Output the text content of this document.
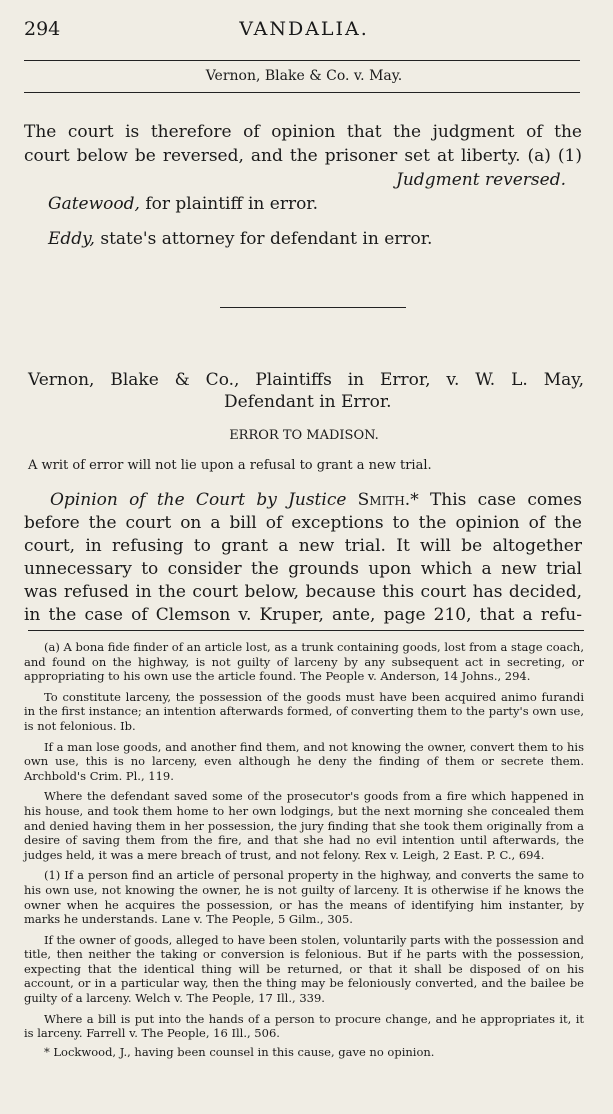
294	VANDALIA.
Vernon, Blake & Co. v. May.
The court is therefore of opinion that the judgment of the
court below be reversed, and the prisoner set at liberty. (a) (1)
Judgment reversed.
Gatewood, for plaintiff in error.
Eddy, state's attorney for defendant in error.
Vernon, Blake & Co., Plaintiffs in Error, v. W. L. May,
Defendant in Error.
ERROR TO MADISON.
A writ of error will not lie upon a refusal to grant a new trial.
Opinion of the Court by Justice Smith.* This case comes
before the court on a bill of exceptions to the opinion of the
court, in refusing to grant a new trial. It will be altogether
unnecessary to consider the grounds upon which a new trial
was refused in the court below, because this court has decided,
in the case of Clemson v. Kruper, ante, page 210, that a refu-

(a) A bona fide finder of an article lost, as a trunk containing goods, lost from a stage coach, and found on the highway, is not guilty of larceny by any subsequent act in secreting, or appropriating to his own use the article found. The People v. Anderson, 14 Johns., 294.

To constitute larceny, the possession of the goods must have been acquired animo furandi in the first instance; an intention afterwards formed, of converting them to the party's own use, is not felonious. Ib.

If a man lose goods, and another find them, and not knowing the owner, convert them to his own use, this is no larceny, even although he deny the finding of them or secrete them. Archbold's Crim. Pl., 119.

Where the defendant saved some of the prosecutor's goods from a fire which happened in his house, and took them home to her own lodgings, but the next morning she concealed them and denied having them in her possession, the jury finding that she took them originally from a desire of saving them from the fire, and that she had no evil intention until afterwards, the judges held, it was a mere breach of trust, and not felony. Rex v. Leigh, 2 East. P. C., 694.

(1) If a person find an article of personal property in the highway, and converts the same to his own use, not knowing the owner, he is not guilty of larceny. It is otherwise if he knows the owner when he acquires the possession, or has the means of identifying him instanter, by marks he understands. Lane v. The People, 5 Gilm., 305.

If the owner of goods, alleged to have been stolen, voluntarily parts with the possession and title, then neither the taking or conversion is felonious. But if he parts with the possession, expecting that the identical thing will be returned, or that it shall be disposed of on his account, or in a particular way, then the thing may be feloniously converted, and the bailee be guilty of a larceny. Welch v. The People, 17 Ill., 339.

Where a bill is put into the hands of a person to procure change, and he appropriates it, it is larceny. Farrell v. The People, 16 Ill., 506.

* Lockwood, J., having been counsel in this cause, gave no opinion.
